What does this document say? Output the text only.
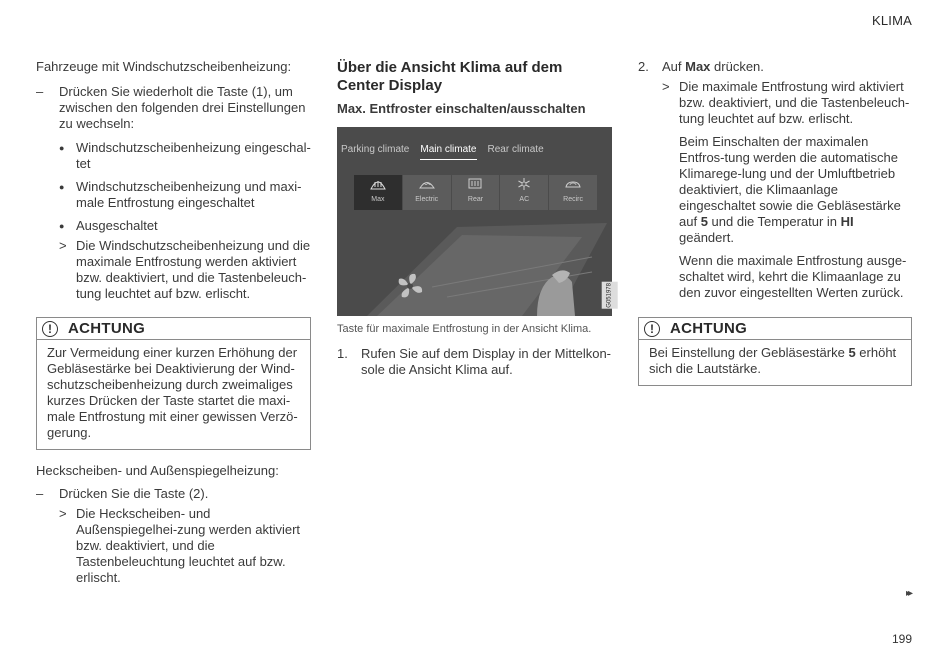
KLIMA

Fahrzeuge mit Windschutzscheibenheizung:

–	Drücken Sie wiederholt die Taste (1), um zwischen den folgenden drei Einstellungen zu wechseln:
● Windschutzscheibenheizung eingeschal-tet
● Windschutzscheibenheizung und maxi-male Entfrostung eingeschaltet
● Ausgeschaltet
> Die Windschutzscheibenheizung und die maximale Entfrostung werden aktiviert bzw. deaktiviert, und die Tastenbeleuch-tung leuchtet auf bzw. erlischt.
!	ACHTUNG
Zur Vermeidung einer kurzen Erhöhung der Gebläsestärke bei Deaktivierung der Wind-schutzscheibenheizung durch zweimaliges kurzes Drücken der Taste startet die maxi-male Entfrostung mit einer gewissen Verzö-gerung.

Heckscheiben- und Außenspiegelheizung:

–	Drücken Sie die Taste (2).
> Die Heckscheiben- und Außenspiegelhei-zung werden aktiviert bzw. deaktiviert, und die Tastenbeleuchtung leuchtet auf bzw. erlischt.
Über die Ansicht Klima auf dem Center Display
Max. Entfroster einschalten/ausschalten
Parking climate Main climate Rear climate
Max	Electric	Rear	AC	Recirc
G051978
Taste für maximale Entfrostung in der Ansicht Klima.
1.	Rufen Sie auf dem Display in der Mittelkon-sole die Ansicht Klima auf.
2.	Auf Max drücken.
> Die maximale Entfrostung wird aktiviert bzw. deaktiviert, und die Tastenbeleuch-tung leuchtet auf bzw. erlischt.

Beim Einschalten der maximalen Entfros-tung werden die automatische Klimarege-lung und der Umluftbetrieb deaktiviert, die Klimaanlage eingeschaltet sowie die Gebläsestärke auf 5 und die Temperatur in HI geändert.

Wenn die maximale Entfrostung ausge-schaltet wird, kehrt die Klimaanlage zu den zuvor eingestellten Werten zurück.

!	ACHTUNG
Bei Einstellung der Gebläsestärke 5 erhöht sich die Lautstärke.
▸▸
199
